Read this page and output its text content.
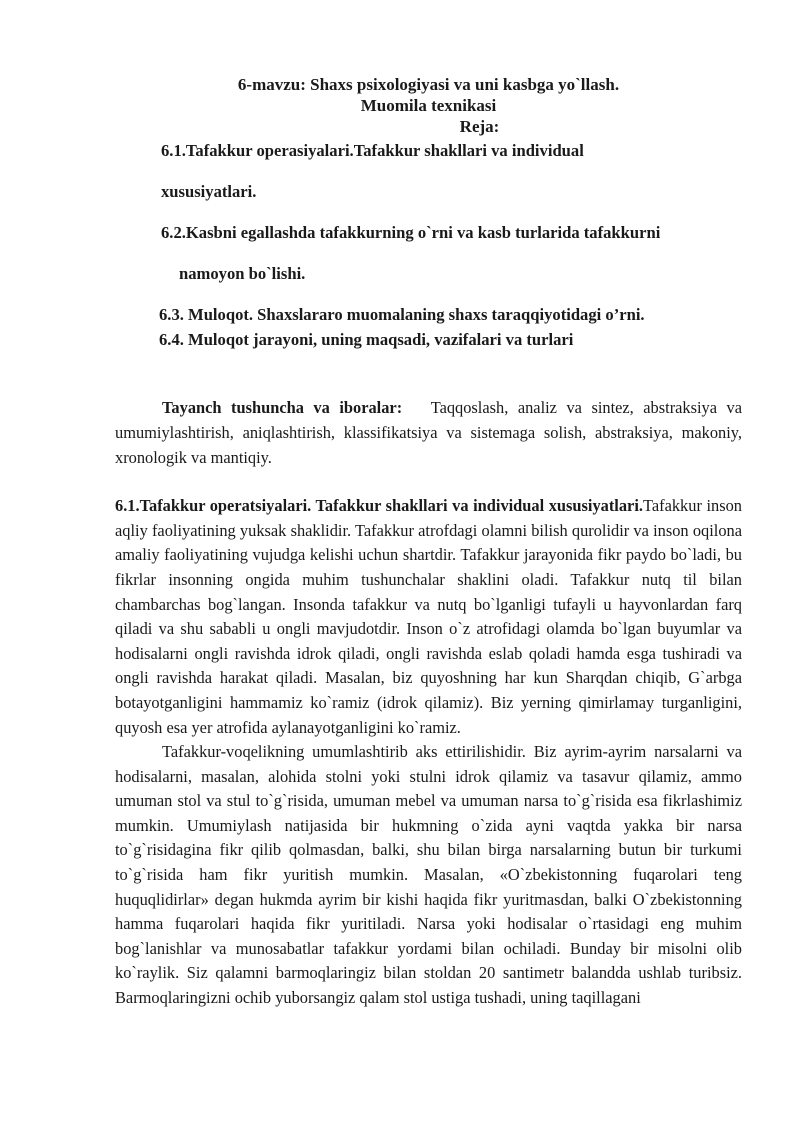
6-mavzu: Shaxs psixologiyasi va uni kasbga yo`llash.

Muomila texnikasi

Reja:

6.1.Tafakkur operasiyalari.Tafakkur shakllari va individual

xususiyatlari.

6.2.Kasbni egallashda tafakkurning o`rni va kasb turlarida tafakkurni

namoyon bo`lishi.

6.3. Muloqot. Shaxslararo muomalaning shaxs taraqqiyotidagi o’rni.

6.4. Muloqot jarayoni, uning maqsadi, vazifalari va turlari

Tayanch tushuncha va iboralar: Taqqoslash, analiz va sintez, abstraksiya va umumiylashtirish, aniqlashtirish, klassifikatsiya va sistemaga solish, abstraksiya, makoniy, xronologik va mantiqiy.

6.1.Tafakkur operatsiyalari. Tafakkur shakllari va individual xususiyatlari.Tafakkur inson aqliy faoliyatining yuksak shaklidir. Tafakkur atrofdagi olamni bilish qurolidir va inson oqilona amaliy faoliyatining vujudga kelishi uchun shartdir. Tafakkur jarayonida fikr paydo bo`ladi, bu fikrlar insonning ongida muhim tushunchalar shaklini oladi. Tafakkur nutq til bilan chambarchas bog`langan. Insonda tafakkur va nutq bo`lganligi tufayli u hayvonlardan farq qiladi va shu sababli u ongli mavjudotdir. Inson o`z atrofidagi olamda bo`lgan buyumlar va hodisalarni ongli ravishda idrok qiladi, ongli ravishda eslab qoladi hamda esga tushiradi va ongli ravishda harakat qiladi. Masalan, biz quyoshning har kun Sharqdan chiqib, G`arbga botayotganligini hammamiz ko`ramiz (idrok qilamiz). Biz yerning qimirlamay turganligini, quyosh esa yer atrofida aylanayotganligini ko`ramiz.

Tafakkur-voqelikning umumlashtirib aks ettirilishidir. Biz ayrim-ayrim narsalarni va hodisalarni, masalan, alohida stolni yoki stulni idrok qilamiz va tasavur qilamiz, ammo umuman stol va stul to`g`risida, umuman mebel va umuman narsa to`g`risida esa fikrlashimiz mumkin. Umumiylash natijasida bir hukmning o`zida ayni vaqtda yakka bir narsa to`g`risidagina fikr qilib qolmasdan, balki, shu bilan birga narsalarning butun bir turkumi to`g`risida ham fikr yuritish mumkin. Masalan, «O`zbekistonning fuqarolari teng huquqlidirlar» degan hukmda ayrim bir kishi haqida fikr yuritmasdan, balki O`zbekistonning hamma fuqarolari haqida fikr yuritiladi. Narsa yoki hodisalar o`rtasidagi eng muhim bog`lanishlar va munosabatlar tafakkur yordami bilan ochiladi. Bunday bir misolni olib ko`raylik. Siz qalamni barmoqlaringiz bilan stoldan 20 santimetr balandda ushlab turibsiz. Barmoqlaringizni ochib yuborsangiz qalam stol ustiga tushadi, uning taqillagani
